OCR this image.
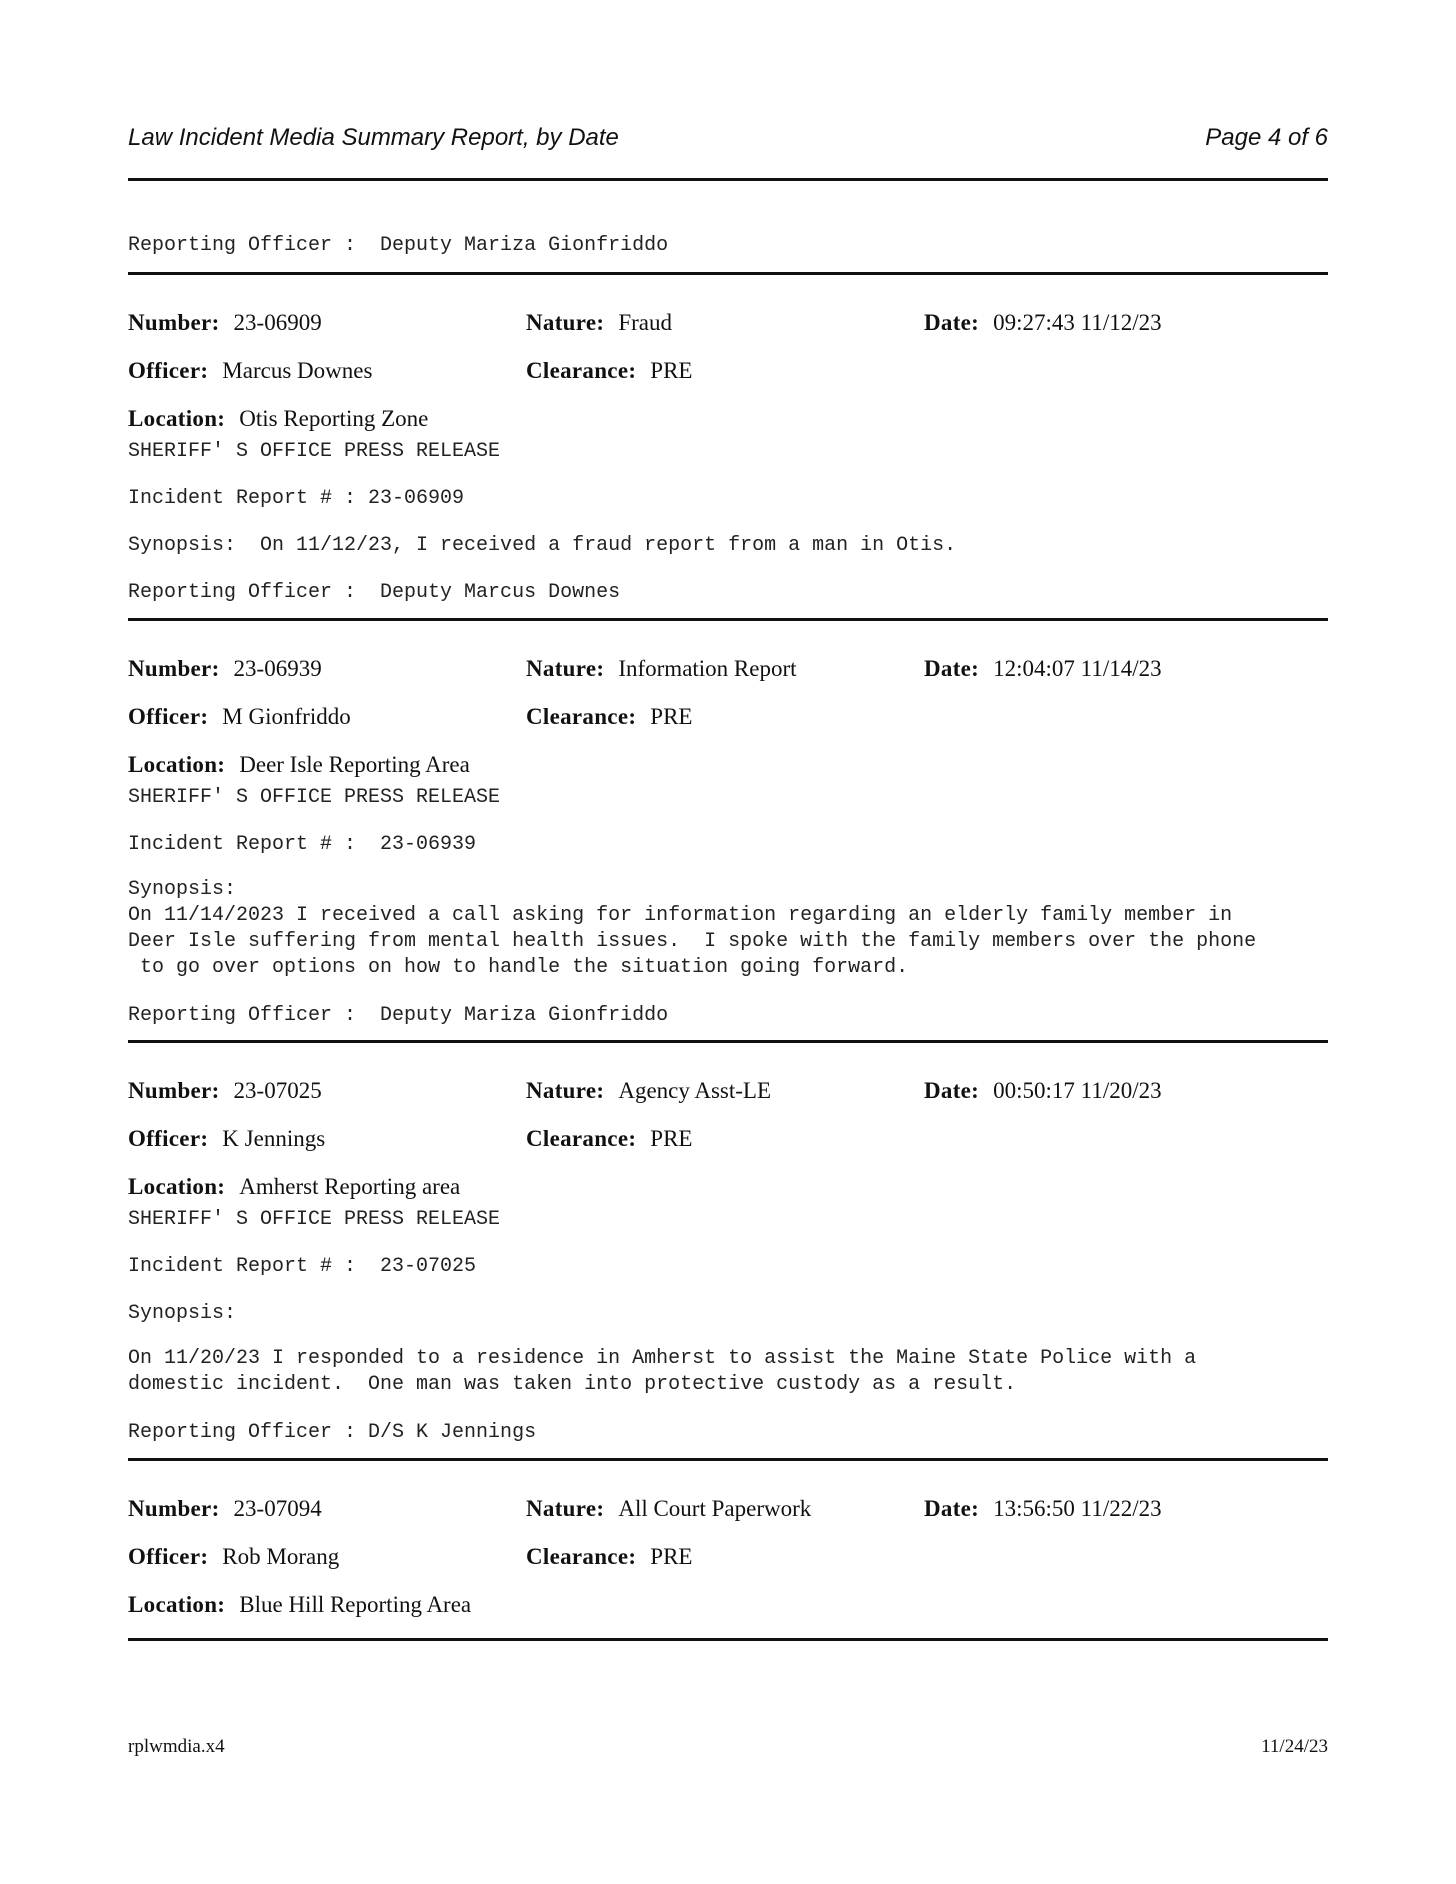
Law Incident Media Summary Report, by Date	Page 4 of 6
Reporting Officer :  Deputy Mariza Gionfriddo
Number: 23-06909	Nature: Fraud	Date: 09:27:43 11/12/23
Officer: Marcus Downes	Clearance: PRE
Location: Otis Reporting Zone
SHERIFF' S OFFICE PRESS RELEASE
Incident Report # : 23-06909
Synopsis:  On 11/12/23, I received a fraud report from a man in Otis.
Reporting Officer :  Deputy Marcus Downes
Number: 23-06939	Nature: Information Report	Date: 12:04:07 11/14/23
Officer: M Gionfriddo	Clearance: PRE
Location: Deer Isle Reporting Area
SHERIFF' S OFFICE PRESS RELEASE
Incident Report # :  23-06939
Synopsis:
On 11/14/2023 I received a call asking for information regarding an elderly family member in
Deer Isle suffering from mental health issues.  I spoke with the family members over the phone
to go over options on how to handle the situation going forward.
Reporting Officer :  Deputy Mariza Gionfriddo
Number: 23-07025	Nature: Agency Asst-LE	Date: 00:50:17 11/20/23
Officer: K Jennings	Clearance: PRE
Location: Amherst Reporting area
SHERIFF' S OFFICE PRESS RELEASE
Incident Report # :  23-07025
Synopsis:
On 11/20/23 I responded to a residence in Amherst to assist the Maine State Police with a
domestic incident.  One man was taken into protective custody as a result.
Reporting Officer : D/S K Jennings
Number: 23-07094	Nature: All Court Paperwork	Date: 13:56:50 11/22/23
Officer: Rob Morang	Clearance: PRE
Location: Blue Hill Reporting Area
rplwmdia.x4	11/24/23
